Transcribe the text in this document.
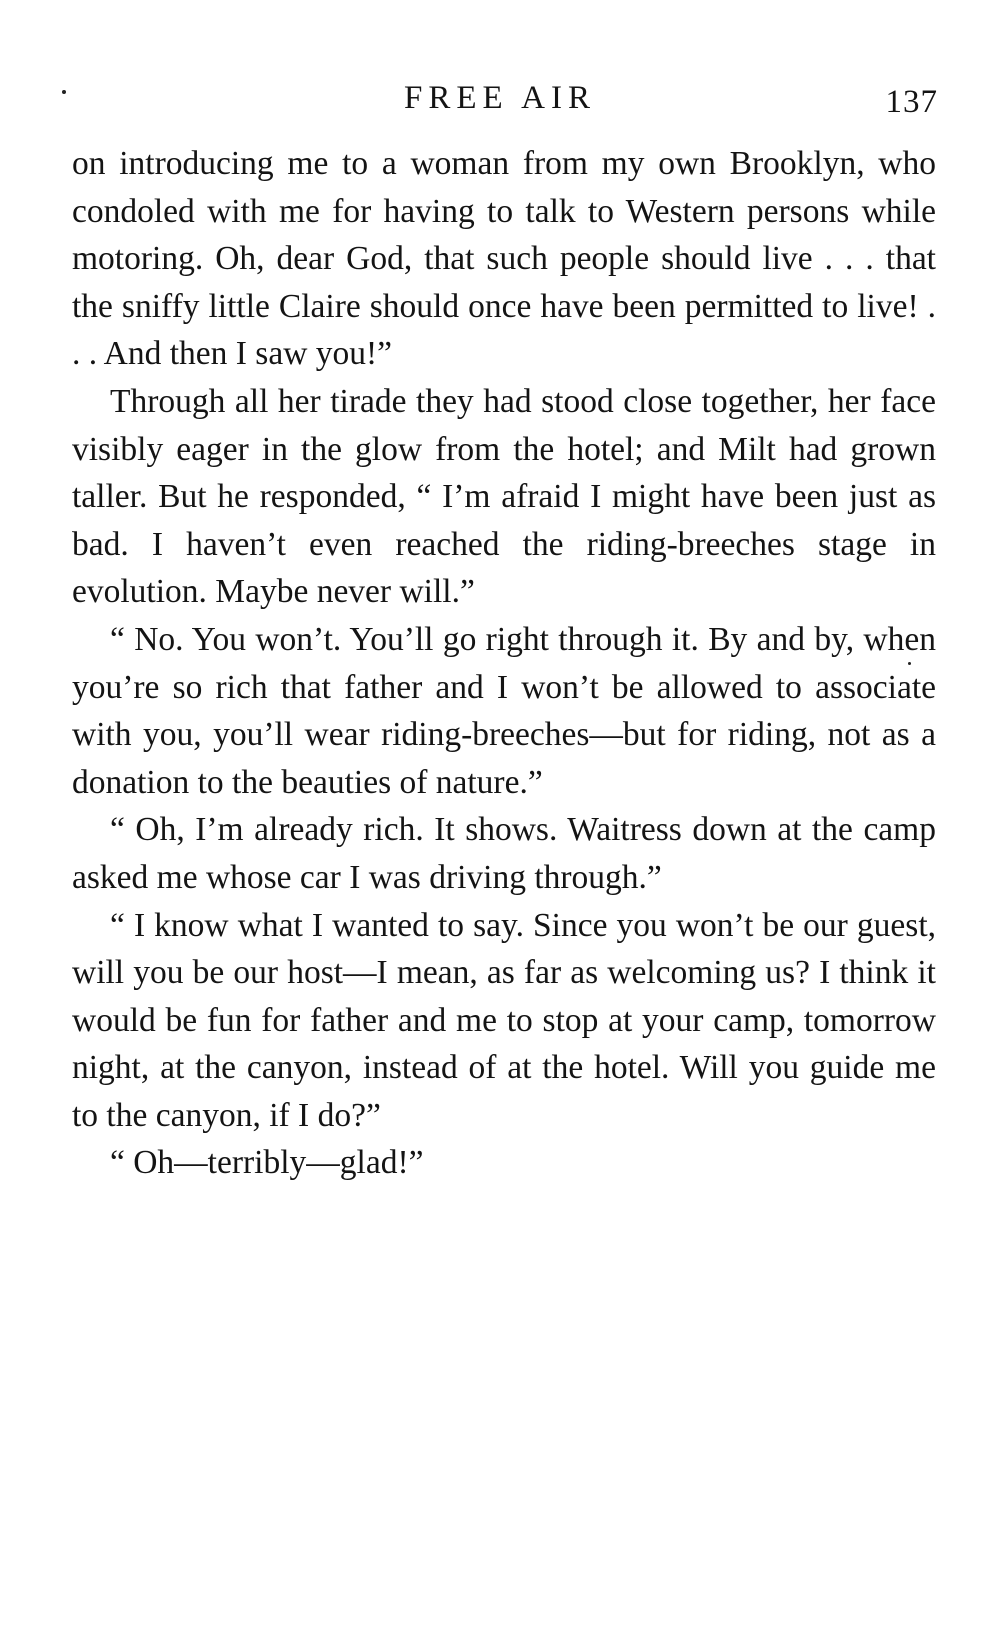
FREE AIR	137

on introducing me to a woman from my own Brooklyn, who condoled with me for having to talk to Western persons while motoring. Oh, dear God, that such people should live . . . that the sniffy little Claire should once have been permitted to live! . . . And then I saw you!”

Through all her tirade they had stood close together, her face visibly eager in the glow from the hotel; and Milt had grown taller. But he responded, “ I’m afraid I might have been just as bad. I haven’t even reached the riding-breeches stage in evolution. Maybe never will.”

“ No. You won’t. You’ll go right through it. By and by, when you’re so rich that father and I won’t be allowed to associate with you, you’ll wear riding-breeches—but for riding, not as a donation to the beauties of nature.”

“ Oh, I’m already rich. It shows. Waitress down at the camp asked me whose car I was driving through.”

“ I know what I wanted to say. Since you won’t be our guest, will you be our host—I mean, as far as welcoming us? I think it would be fun for father and me to stop at your camp, tomorrow night, at the canyon, instead of at the hotel. Will you guide me to the canyon, if I do?”

“ Oh—terribly—glad!”
